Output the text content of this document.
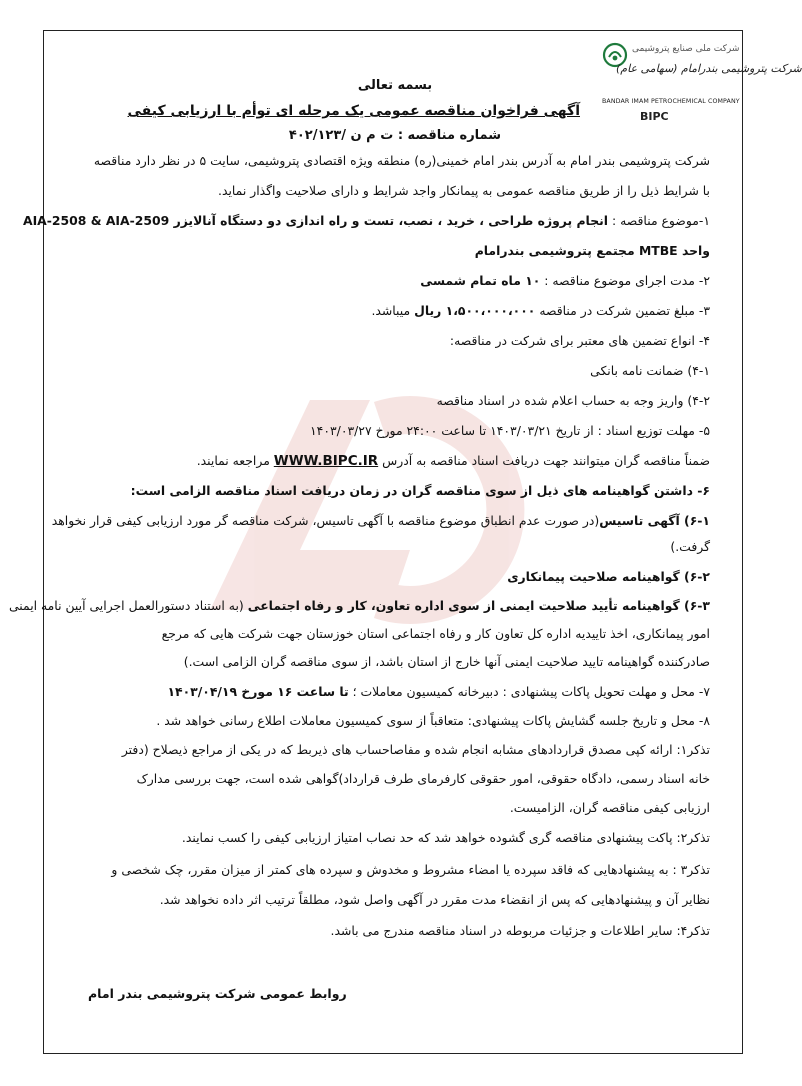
شرکت ملی صنایع پتروشیمی
شرکت پتروشیمی بندرامام (سهامی عام)
BANDAR IMAM PETROCHEMICAL COMPANY
BIPC
بسمه تعالی
آگهی فراخوان مناقصه عمومی یک مرحله ای توأم با ارزیابی کیفی
شماره مناقصه : ت م ن /۴۰۲/۱۲۳
شرکت پتروشیمی بندر امام به آدرس بندر امام خمینی(ره) منطقه ویژه اقتصادی پتروشیمی، سایت ۵ در نظر دارد مناقصه
با شرایط ذیل را از طریق مناقصه عمومی به پیمانکار واجد شرایط و دارای صلاحیت واگذار نماید.
۱-موضوع مناقصه : انجام پروژه طراحی ، خرید ، نصب، تست و راه اندازی دو دستگاه آنالایزر AIA-2508 & AIA-2509
واحد MTBE مجتمع پتروشیمی بندرامام
۲- مدت اجرای موضوع مناقصه : ۱۰ ماه تمام شمسی
۳- مبلغ تضمین شرکت در مناقصه ۱،۵۰۰،۰۰۰،۰۰۰ ریال میباشد.
۴- انواع تضمین های معتبر برای شرکت در مناقصه:
۴-۱) ضمانت نامه بانکی
۴-۲) واریز وجه به حساب اعلام شده در اسناد مناقصه
۵- مهلت توزیع اسناد : از تاریخ ۱۴۰۳/۰۳/۲۱ تا ساعت ۲۴:۰۰ مورخ ۱۴۰۳/۰۳/۲۷
ضمناً مناقصه گران میتوانند جهت دریافت اسناد مناقصه به آدرس WWW.BIPC.IR مراجعه نمایند.
۶- داشتن گواهینامه های ذیل از سوی مناقصه گران در زمان دریافت اسناد مناقصه الزامی است:
۶-۱) آگهی تاسیس(در صورت عدم انطباق موضوع مناقصه با آگهی تاسیس، شرکت مناقصه گر مورد ارزیابی کیفی قرار نخواهد
گرفت.)
۶-۲) گواهینامه صلاحیت پیمانکاری
۶-۳) گواهینامه تأیید صلاحیت ایمنی از سوی اداره تعاون، کار و رفاه اجتماعی (به استناد دستورالعمل اجرایی آیین نامه ایمنی
امور پیمانکاری، اخذ تاییدیه اداره کل تعاون کار و رفاه اجتماعی استان خوزستان جهت شرکت هایی که مرجع
صادرکننده گواهینامه تایید صلاحیت ایمنی آنها خارج از استان باشد، از سوی مناقصه گران الزامی است.)
۷- محل و مهلت تحویل پاکات پیشنهادی : دبیرخانه کمیسیون معاملات ؛ تا ساعت ۱۶ مورخ ۱۴۰۳/۰۴/۱۹
۸- محل و تاریخ جلسه گشایش پاکات پیشنهادی: متعاقباً از سوی کمیسیون معاملات اطلاع رسانی خواهد شد .
تذکر۱: ارائه کپی مصدق قراردادهای مشابه انجام شده و مفاصاحساب های ذیربط که در یکی از مراجع ذیصلاح (دفتر
خانه اسناد رسمی، دادگاه حقوقی، امور حقوقی کارفرمای طرف قرارداد)گواهی شده است، جهت بررسی مدارک
ارزیابی کیفی مناقصه گران، الزامیست.
تذکر۲: پاکت پیشنهادی مناقصه گری گشوده خواهد شد که حد نصاب امتیاز ارزیابی کیفی را کسب نمایند.
تذکر۳ : به پیشنهادهایی که فاقد سپرده یا امضاء مشروط و مخدوش و سپرده های کمتر از میزان مقرر، چک شخصی و
نظایر آن و پیشنهادهایی که پس از انقضاء مدت مقرر در آگهی واصل شود، مطلقاً ترتیب اثر داده نخواهد شد.
تذکر۴: سایر اطلاعات و جزئیات مربوطه در اسناد مناقصه مندرج می باشد.
روابط عمومی شرکت پتروشیمی بندر امام
